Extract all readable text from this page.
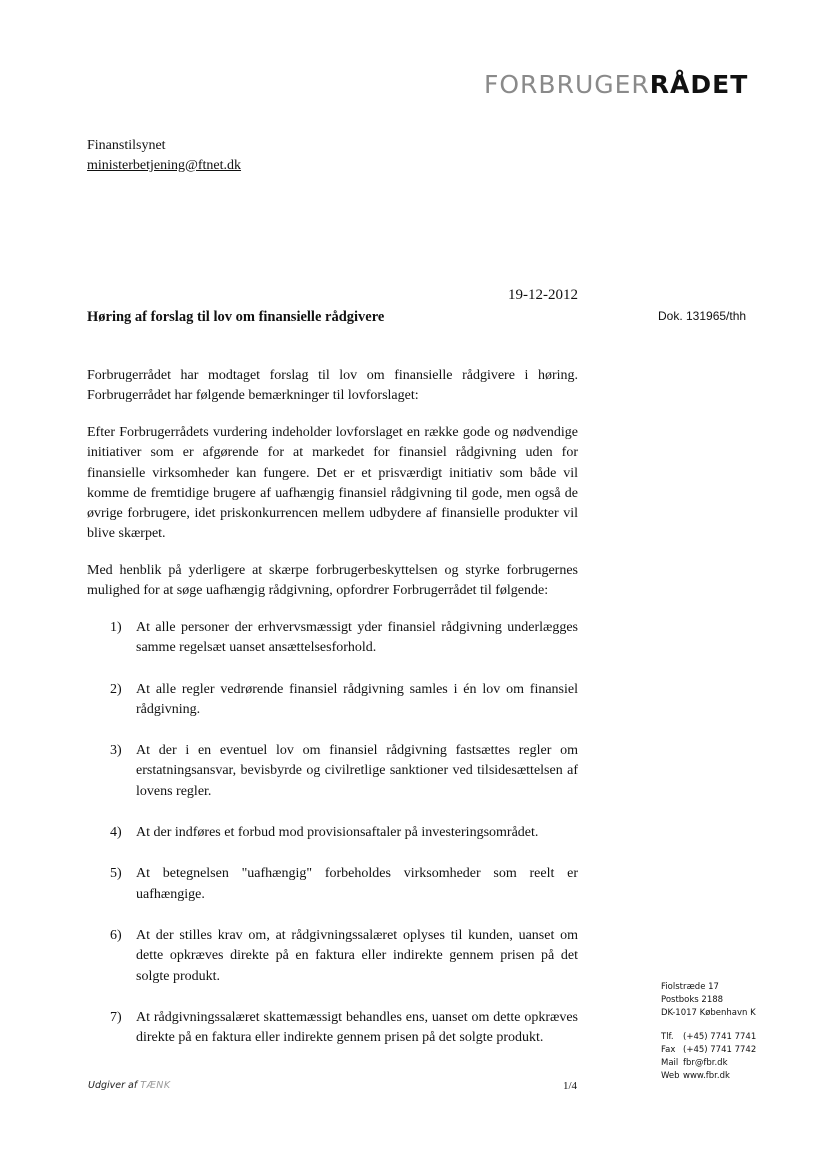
FORBRUGERRÅDET
Finanstilsynet
ministerbetjening@ftnet.dk
19-12-2012
Høring af forslag til lov om finansielle rådgivere	Dok. 131965/thh

Forbrugerrådet har modtaget forslag til lov om finansielle rådgivere i høring. Forbrugerrådet har følgende bemærkninger til lovforslaget:

Efter Forbrugerrådets vurdering indeholder lovforslaget en række gode og nødvendige initiativer som er afgørende for at markedet for finansiel rådgivning uden for finansielle virksomheder kan fungere. Det er et prisværdigt initiativ som både vil komme de fremtidige brugere af uafhængig finansiel rådgivning til gode, men også de øvrige forbrugere, idet priskonkurrencen mellem udbydere af finansielle produkter vil blive skærpet.

Med henblik på yderligere at skærpe forbrugerbeskyttelsen og styrke forbrugernes mulighed for at søge uafhængig rådgivning, opfordrer Forbrugerrådet til følgende:

1) At alle personer der erhvervsmæssigt yder finansiel rådgivning underlægges samme regelsæt uanset ansættelsesforhold.
2) At alle regler vedrørende finansiel rådgivning samles i én lov om finansiel rådgivning.
3) At der i en eventuel lov om finansiel rådgivning fastsættes regler om erstatningsansvar, bevisbyrde og civilretlige sanktioner ved tilsidesættelsen af lovens regler.
4) At der indføres et forbud mod provisionsaftaler på investeringsområdet.
5) At betegnelsen "uafhængig" forbeholdes virksomheder som reelt er uafhængige.
6) At der stilles krav om, at rådgivningssalæret oplyses til kunden, uanset om dette opkræves direkte på en faktura eller indirekte gennem prisen på det solgte produkt.
7) At rådgivningssalæret skattemæssigt behandles ens, uanset om dette opkræves direkte på en faktura eller indirekte gennem prisen på det solgte produkt.
Fiolstræde 17
Postboks 2188
DK-1017 København K
Tlf.	(+45) 7741 7741
Fax (+45) 7741 7742
Mail fbr@fbr.dk
Web www.fbr.dk
Udgiver af TÆNK	1/4
